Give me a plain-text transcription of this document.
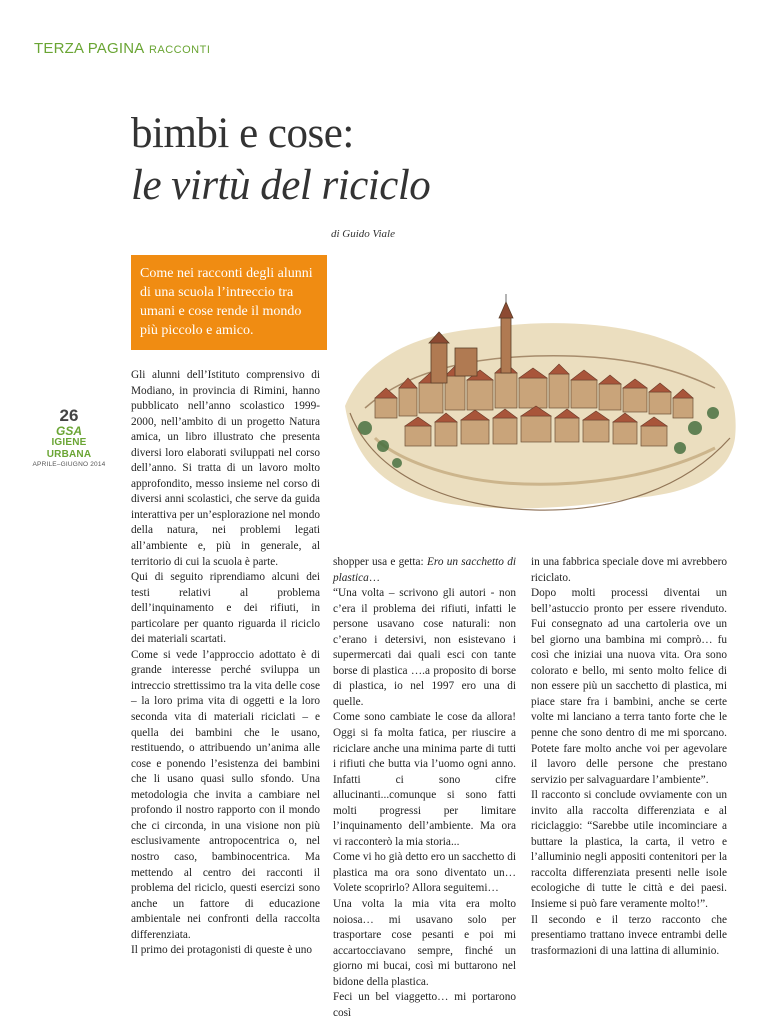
TERZA PAGINA RACCONTI
bimbi e cose:
le virtù del riciclo
di Guido Viale
Come nei racconti degli alunni di una scuola l’intreccio tra umani e cose rende il mondo più piccolo e amico.
26
GSA
IGIENE URBANA
APRILE–GIUGNO 2014

Gli alunni dell’Istituto comprensivo di Modiano, in provincia di Rimini, hanno pubblicato nell’anno scolastico 1999-2000, nell’ambito di un progetto Natura amica, un libro illustrato che presenta diversi loro elaborati sviluppati nel corso dell’anno. Si tratta di un lavoro molto approfondito, messo insieme nel corso di diversi anni scolastici, che serve da guida interattiva per un’esplorazione nel mondo della natura, nei problemi legati all’ambiente e, più in generale, al territorio di cui la scuola è parte.

Qui di seguito riprendiamo alcuni dei testi relativi al problema dell’inquinamento e dei rifiuti, in particolare per quanto riguarda il riciclo dei materiali scartati.

Come si vede l’approccio adottato è di grande interesse perché sviluppa un intreccio strettissimo tra la vita delle cose – la loro prima vita di oggetti e la loro seconda vita di materiali riciclati – e quella dei bambini che le usano, restituendo, o attribuendo un’anima alle cose e ponendo l’esistenza dei bambini che li usano quasi sullo sfondo. Una metodologia che invita a cambiare nel profondo il nostro rapporto con il mondo che ci circonda, in una visione non più esclusivamente antropocentrica o, nel nostro caso, bambinocentrica. Ma mettendo al centro dei racconti il problema del riciclo, questi esercizi sono anche un fattore di educazione ambientale nei confronti della raccolta differenziata.

Il primo dei protagonisti di queste è uno

shopper usa e getta: Ero un sacchetto di plastica…

“Una volta – scrivono gli autori - non c’era il problema dei rifiuti, infatti le persone usavano cose naturali: non c’erano i detersivi, non esistevano i supermercati dai quali esci con tante borse di plastica ….a proposito di borse di plastica, io nel 1997 ero una di quelle.

Come sono cambiate le cose da allora! Oggi si fa molta fatica, per riuscire a riciclare anche una minima parte di tutti i rifiuti che butta via l’uomo ogni anno. Infatti ci sono cifre allucinanti...comunque si sono fatti molti progressi per limitare l’inquinamento dell’ambiente. Ma ora vi racconterò la mia storia...

Come vi ho già detto ero un sacchetto di plastica ma ora sono diventato un… Volete scoprirlo? Allora seguitemi…

Una volta la mia vita era molto noiosa… mi usavano solo per trasportare cose pesanti e poi mi accartocciavano sempre, finché un giorno mi bucai, così mi buttarono nel bidone della plastica.

Feci un bel viaggetto… mi portarono così

in una fabbrica speciale dove mi avrebbero riciclato.

Dopo molti processi diventai un bell’astuccio pronto per essere rivenduto. Fui consegnato ad una cartoleria ove un bel giorno una bambina mi comprò… fu così che iniziai una nuova vita. Ora sono colorato e bello, mi sento molto felice di non essere più un sacchetto di plastica, mi piace stare fra i bambini, anche se certe volte mi lanciano a terra tanto forte che le penne che sono dentro di me mi sporcano. Potete fare molto anche voi per agevolare il lavoro delle persone che prestano servizio per salvaguardare l’ambiente”.

Il racconto si conclude ovviamente con un invito alla raccolta differenziata e al riciclaggio: “Sarebbe utile incominciare a buttare la plastica, la carta, il vetro e l’alluminio negli appositi contenitori per la raccolta differenziata presenti nelle isole ecologiche di tutte le città e dei paesi. Insieme si può fare veramente molto!”.

Il secondo e il terzo racconto che presentiamo trattano invece entrambi delle trasformazioni di una lattina di alluminio.
